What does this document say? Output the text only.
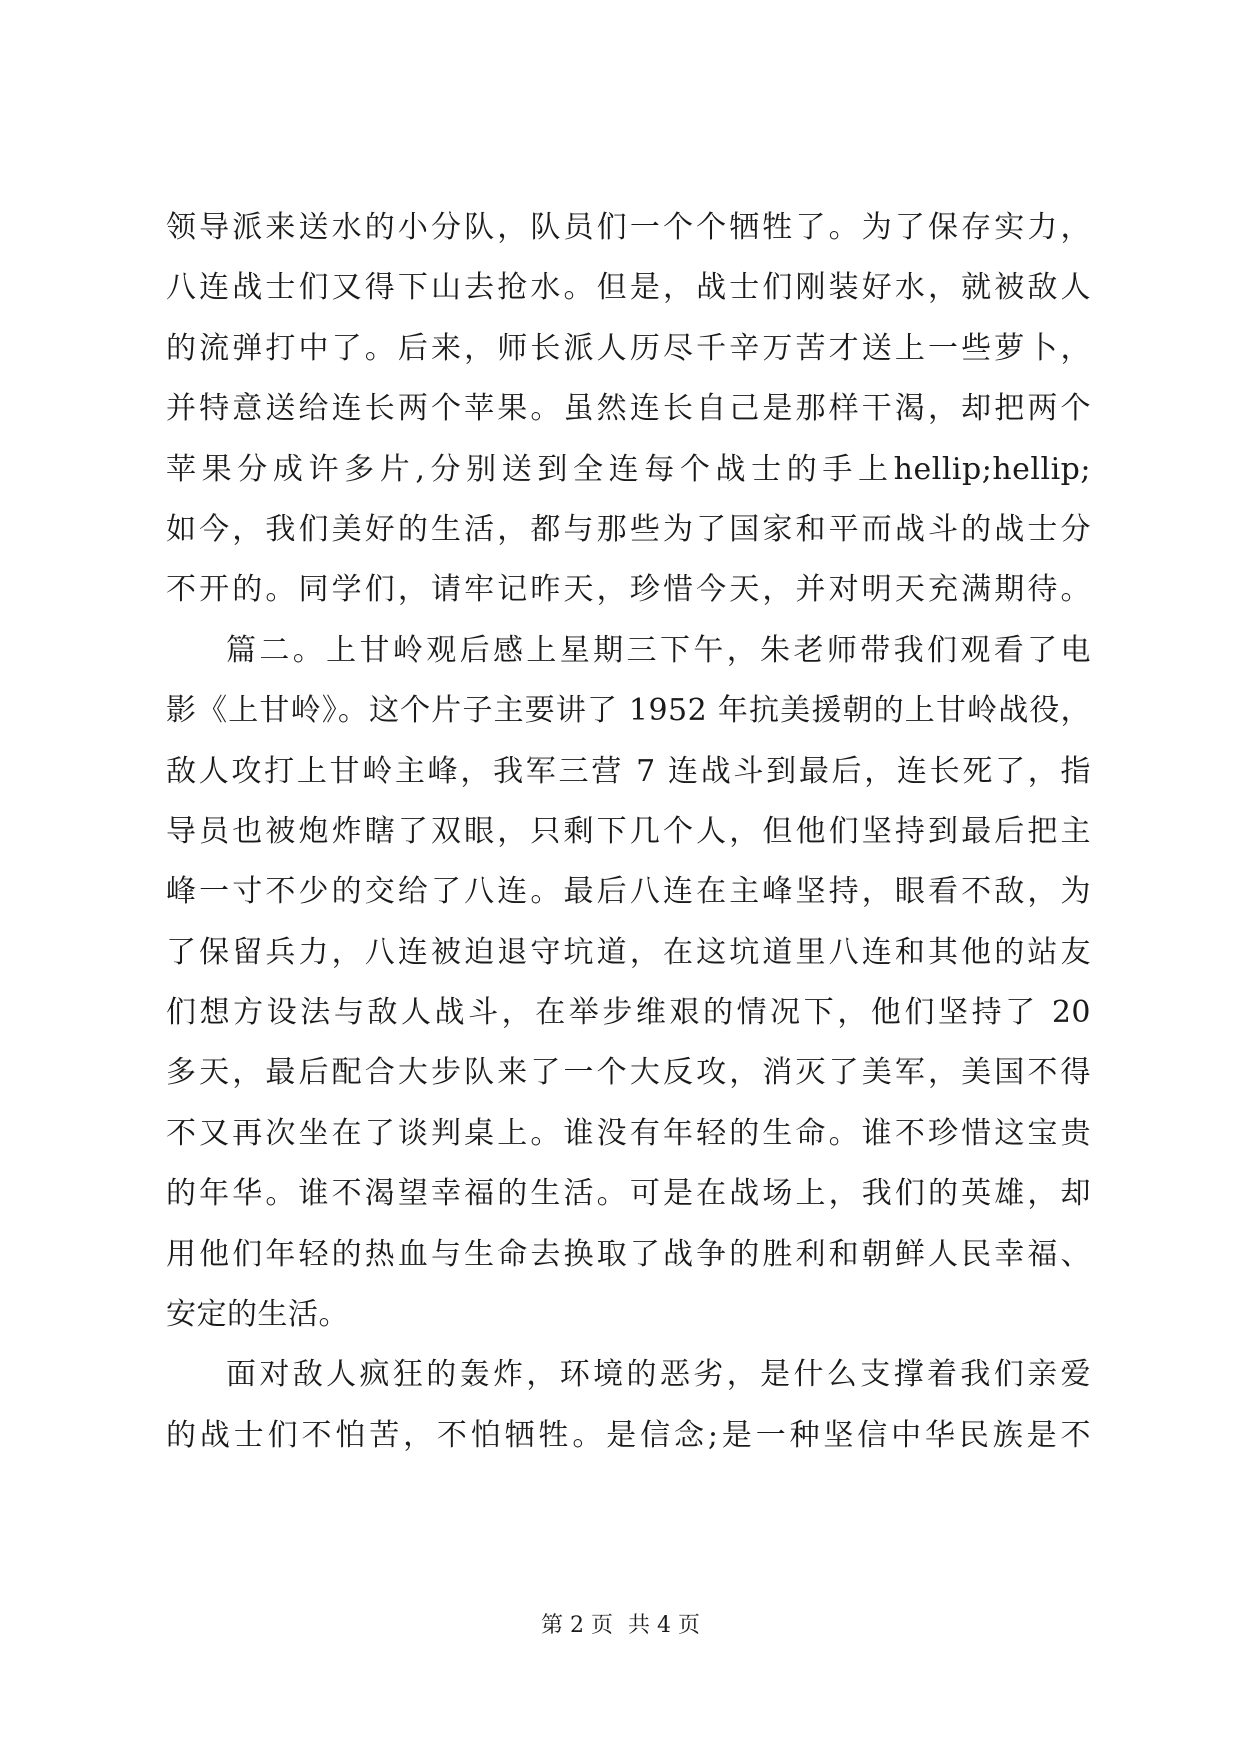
领导派来送水的小分队，队员们一个个牺牲了。为了保存实力，
八连战士们又得下山去抢水。但是，战士们刚装好水，就被敌人
的流弹打中了。后来，师长派人历尽千辛万苦才送上一些萝卜，
并特意送给连长两个苹果。虽然连长自己是那样干渴，却把两个
苹果分成许多片,分别送到全连每个战士的手上hellip;hellip;
如今，我们美好的生活，都与那些为了国家和平而战斗的战士分
不开的。同学们，请牢记昨天，珍惜今天，并对明天充满期待。
篇二。上甘岭观后感上星期三下午，朱老师带我们观看了电
影《上甘岭》。这个片子主要讲了 1952 年抗美援朝的上甘岭战役，
敌人攻打上甘岭主峰，我军三营 7 连战斗到最后，连长死了，指
导员也被炮炸瞎了双眼，只剩下几个人，但他们坚持到最后把主
峰一寸不少的交给了八连。最后八连在主峰坚持，眼看不敌，为
了保留兵力，八连被迫退守坑道，在这坑道里八连和其他的站友
们想方设法与敌人战斗，在举步维艰的情况下，他们坚持了 20
多天，最后配合大步队来了一个大反攻，消灭了美军，美国不得
不又再次坐在了谈判桌上。谁没有年轻的生命。谁不珍惜这宝贵
的年华。谁不渴望幸福的生活。可是在战场上，我们的英雄，却
用他们年轻的热血与生命去换取了战争的胜利和朝鲜人民幸福、
安定的生活。
面对敌人疯狂的轰炸，环境的恶劣，是什么支撑着我们亲爱
的战士们不怕苦，不怕牺牲。是信念;是一种坚信中华民族是不
第 2 页 共 4 页
